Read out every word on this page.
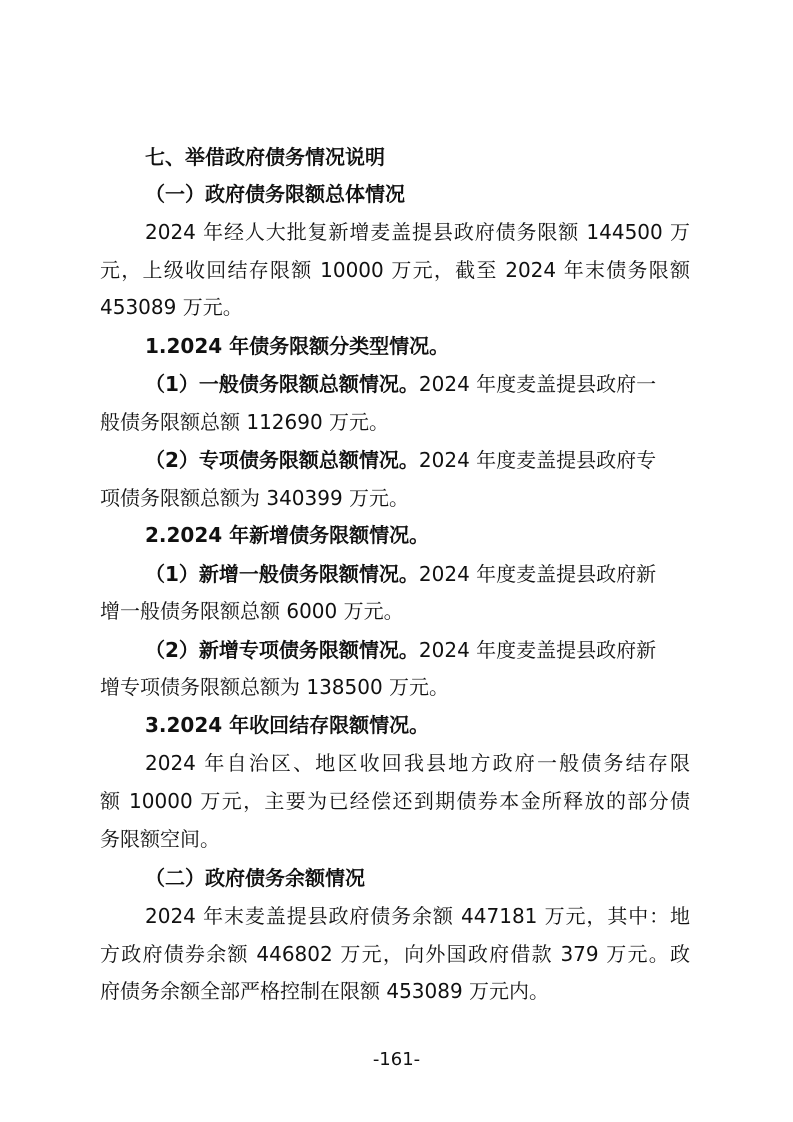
七、举借政府债务情况说明
（一）政府债务限额总体情况
2024 年经人大批复新增麦盖提县政府债务限额 144500 万
元，上级收回结存限额 10000 万元，截至 2024 年末债务限额
453089 万元。
1.2024 年债务限额分类型情况。
（1）一般债务限额总额情况。2024 年度麦盖提县政府一
般债务限额总额 112690 万元。
（2）专项债务限额总额情况。2024 年度麦盖提县政府专
项债务限额总额为 340399 万元。
2.2024 年新增债务限额情况。
（1）新增一般债务限额情况。2024 年度麦盖提县政府新
增一般债务限额总额 6000 万元。
（2）新增专项债务限额情况。2024 年度麦盖提县政府新
增专项债务限额总额为 138500 万元。
3.2024 年收回结存限额情况。
2024 年自治区、地区收回我县地方政府一般债务结存限
额 10000 万元，主要为已经偿还到期债券本金所释放的部分债
务限额空间。
（二）政府债务余额情况
2024 年末麦盖提县政府债务余额 447181 万元，其中：地
方政府债券余额 446802 万元，向外国政府借款 379 万元。政
府债务余额全部严格控制在限额 453089 万元内。
-161-
